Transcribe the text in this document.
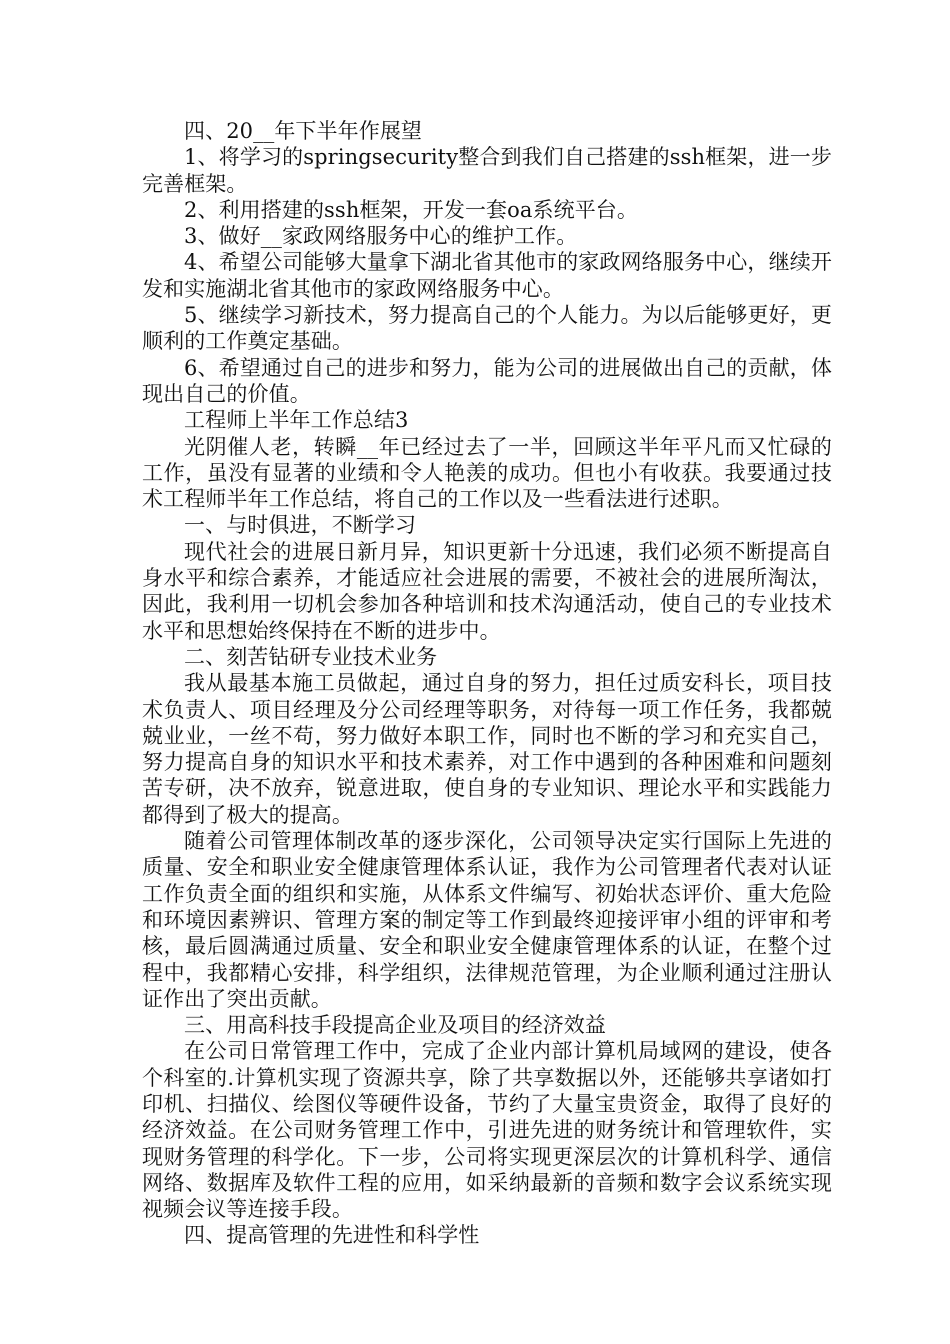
四、20__年下半年作展望

1、将学习的springsecurity整合到我们自己搭建的ssh框架，进一步完善框架。

2、利用搭建的ssh框架，开发一套oa系统平台。

3、做好__家政网络服务中心的维护工作。

4、希望公司能够大量拿下湖北省其他市的家政网络服务中心，继续开发和实施湖北省其他市的家政网络服务中心。

5、继续学习新技术，努力提高自己的个人能力。为以后能够更好，更顺利的工作奠定基础。

6、希望通过自己的进步和努力，能为公司的进展做出自己的贡献，体现出自己的价值。

工程师上半年工作总结3

光阴催人老，转瞬__年已经过去了一半，回顾这半年平凡而又忙碌的工作，虽没有显著的业绩和令人艳羡的成功。但也小有收获。我要通过技术工程师半年工作总结，将自己的工作以及一些看法进行述职。

一、与时俱进，不断学习

现代社会的进展日新月异，知识更新十分迅速，我们必须不断提高自身水平和综合素养，才能适应社会进展的需要，不被社会的进展所淘汰，因此，我利用一切机会参加各种培训和技术沟通活动，使自己的专业技术水平和思想始终保持在不断的进步中。

二、刻苦钻研专业技术业务

我从最基本施工员做起，通过自身的努力，担任过质安科长，项目技术负责人、项目经理及分公司经理等职务，对待每一项工作任务，我都兢兢业业，一丝不苟，努力做好本职工作，同时也不断的学习和充实自己，努力提高自身的知识水平和技术素养，对工作中遇到的各种困难和问题刻苦专研，决不放弃，锐意进取，使自身的专业知识、理论水平和实践能力都得到了极大的提高。

随着公司管理体制改革的逐步深化，公司领导决定实行国际上先进的质量、安全和职业安全健康管理体系认证，我作为公司管理者代表对认证工作负责全面的组织和实施，从体系文件编写、初始状态评价、重大危险和环境因素辨识、管理方案的制定等工作到最终迎接评审小组的评审和考核，最后圆满通过质量、安全和职业安全健康管理体系的认证，在整个过程中，我都精心安排，科学组织，法律规范管理，为企业顺利通过注册认证作出了突出贡献。

三、用高科技手段提高企业及项目的经济效益

在公司日常管理工作中，完成了企业内部计算机局域网的建设，使各个科室的.计算机实现了资源共享，除了共享数据以外，还能够共享诸如打印机、扫描仪、绘图仪等硬件设备，节约了大量宝贵资金，取得了良好的经济效益。在公司财务管理工作中，引进先进的财务统计和管理软件，实现财务管理的科学化。下一步，公司将实现更深层次的计算机科学、通信网络、数据库及软件工程的应用，如采纳最新的音频和数字会议系统实现视频会议等连接手段。

四、提高管理的先进性和科学性
